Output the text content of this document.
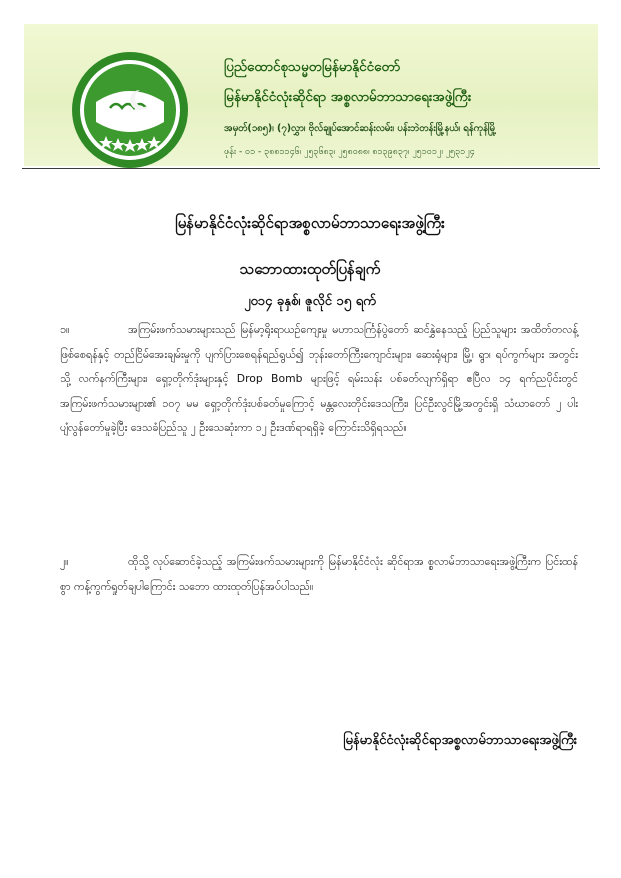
ပြည်ထောင်စုသမ္မတမြန်မာနိုင်ငံတော်
မြန်မာနိုင်ငံလုံးဆိုင်ရာ အစ္စလာမ်ဘာသာရေးအဖွဲ့ကြီး
အမှတ်(၁၈၅)၊ (၇)လွှာ၊ ဗိုလ်ချုပ်အောင်ဆန်းလမ်း၊ ပန်းဘဲတန်းမြို့နယ်၊ ရန်ကုန်မြို့
ဖုန်း - ၀၁ - ၃၈၈၁၁၄၆၊ ၂၅၃၆၈၃၊ ၂၅၈၀၈၈၊ ၈၁၃၉၈၃၇၊ ၂၅၁၀၁၂၊ ၂၅၃၁၂၄
မြန်မာနိုင်ငံလုံးဆိုင်ရာအစ္စလာမ်ဘာသာရေးအဖွဲ့ကြီး
သဘောထားထုတ်ပြန်ချက်
၂၀၁၄ ခုနှစ်၊ ဇူလိုင် ၁၅ ရက်
၁။	အကြမ်းဖက်သမားများသည် မြန်မာ့ရိုးရာယဉ်ကျေးမှု မဟာသင်္ကြန်ပွဲတော် ဆင်နွှဲနေသည့် ပြည်သူများ အထိတ်တလန့်ဖြစ်စေရန်နှင့် တည်ငြိမ်အေးချမ်းမှုကို ပျက်ပြားစေရန်ရည်ရွယ်၍ ဘုန်းတော်ကြီးကျောင်းများ၊ ဆေးရုံများ၊ မြို့၊ ရွာ၊ ရပ်ကွက်များ အတွင်းသို့ လက်နက်ကြီးများ၊ ရှော့တိုက်ဒုံးများနှင့် Drop Bomb များဖြင့် ရမ်းသန်း ပစ်ခတ်လျက်ရှိရာ ဧပြီလ ၁၄ ရက်ညပိုင်းတွင် အကြမ်းဖက်သမားများ၏ ၁၀၇ မမ ရှော့တိုက်ဒုံးပစ်ခတ်မှုကြောင့် မန္တလေးတိုင်းဒေသကြီး၊ ပြင်ဦးလွင်မြို့အတွင်းရှိ သံဃာတော် ၂ ပါး ပျံလွန်တော်မူခဲ့ပြီး ဒေသခံပြည်သူ ၂ ဦးသေဆုံးကာ ၁၂ ဦးဒဏ်ရာရရှိခဲ့ ကြောင်းသိရှိရသည်။
၂။	ထိုသို့ လုပ်ဆောင်ခဲ့သည့် အကြမ်းဖက်သမားများကို မြန်မာနိုင်ငံလုံး ဆိုင်ရာအ စ္စလာမ်ဘာသာရေးအဖွဲ့ကြီးက ပြင်းထန်စွာ ကန့်ကွက်ရှုတ်ချပါကြောင်း သဘော ထားထုတ်ပြန်အပ်ပါသည်။
မြန်မာနိုင်ငံလုံးဆိုင်ရာအစ္စလာမ်ဘာသာရေးအဖွဲ့ကြီး
